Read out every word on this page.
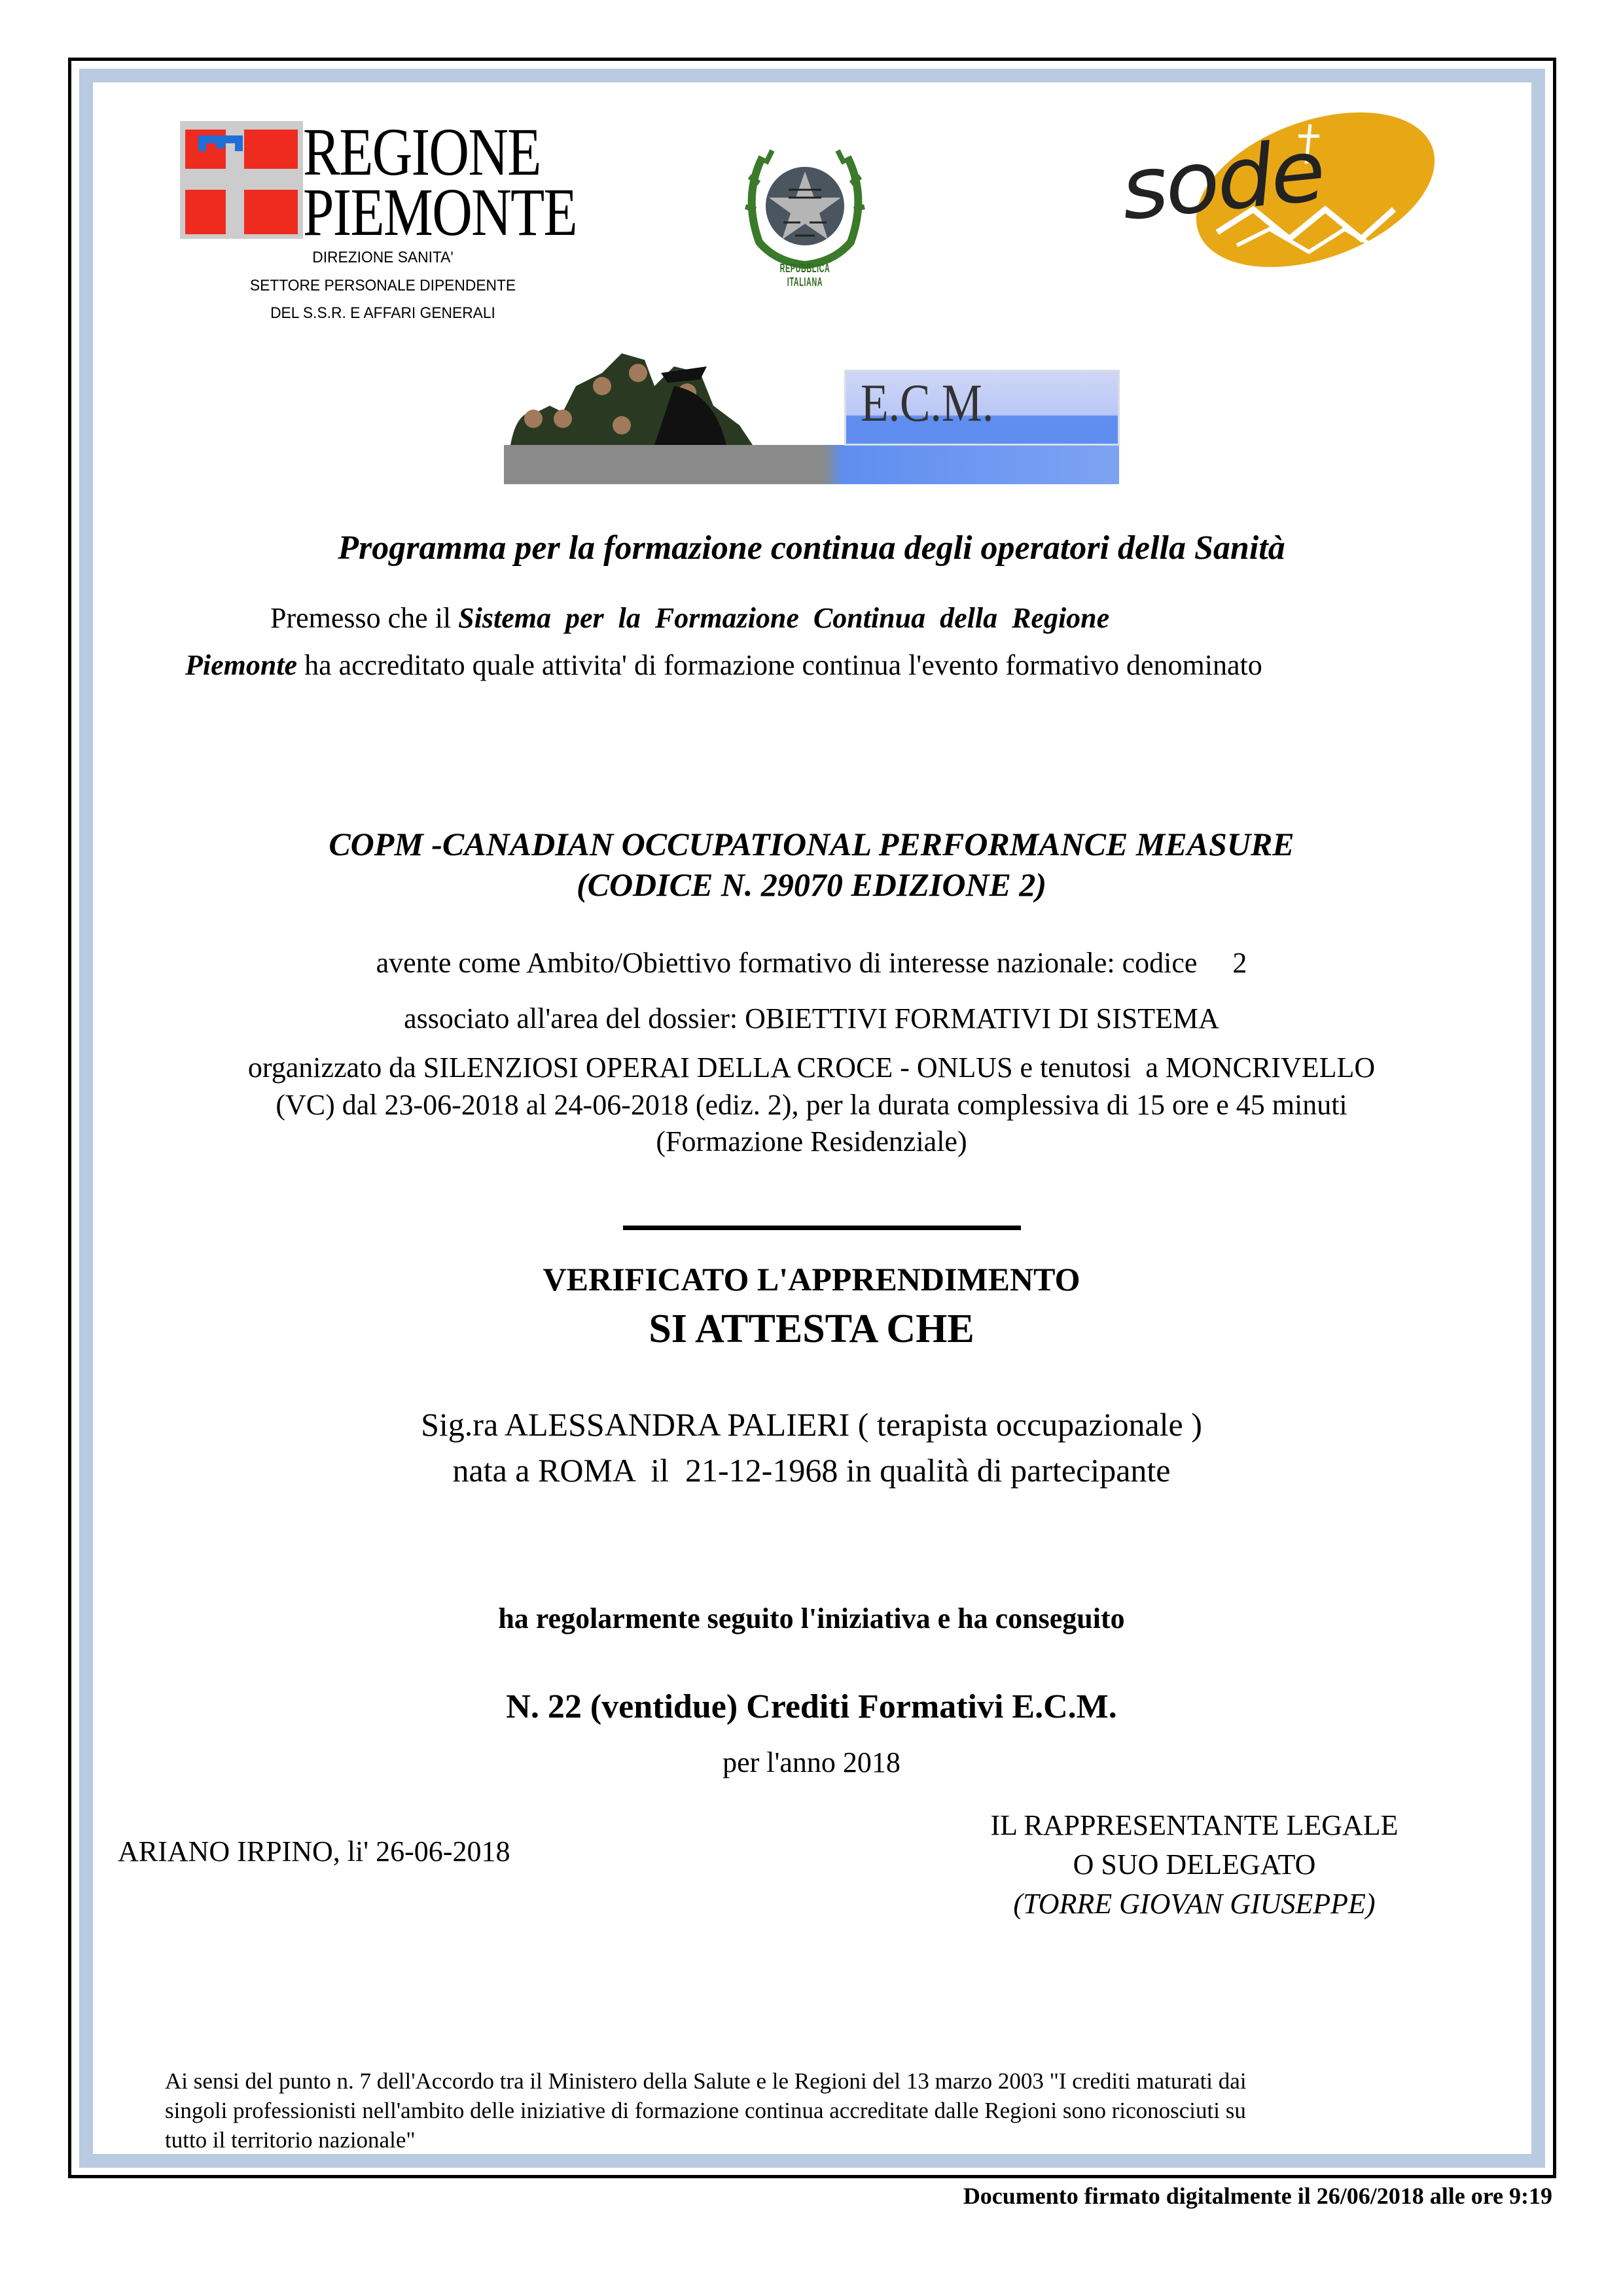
REGIONE
PIEMONTE
DIREZIONE SANITA'
SETTORE PERSONALE DIPENDENTE
DEL S.S.R. E AFFARI GENERALI
REPUBBLICA ITALIANA
sode
E.C.M.
Programma per la formazione continua degli operatori della Sanità
Premesso che il Sistema  per  la  Formazione  Continua  della  Regione
Piemonte ha accreditato quale attivita' di formazione continua l'evento formativo denominato
COPM -CANADIAN OCCUPATIONAL PERFORMANCE MEASURE
(CODICE N. 29070 EDIZIONE 2)
avente come Ambito/Obiettivo formativo di interesse nazionale: codice 2
associato all'area del dossier: OBIETTIVI FORMATIVI DI SISTEMA
organizzato da SILENZIOSI OPERAI DELLA CROCE - ONLUS e tenutosi  a MONCRIVELLO
(VC) dal 23-06-2018 al 24-06-2018 (ediz. 2), per la durata complessiva di 15 ore e 45 minuti
(Formazione Residenziale)
VERIFICATO L'APPRENDIMENTO
SI ATTESTA CHE
Sig.ra ALESSANDRA PALIERI ( terapista occupazionale )
nata a ROMA  il  21-12-1968 in qualità di partecipante
ha regolarmente seguito l'iniziativa e ha conseguito
N. 22 (ventidue) Crediti Formativi E.C.M.
per l'anno 2018
ARIANO IRPINO, li' 26-06-2018
IL RAPPRESENTANTE LEGALE
O SUO DELEGATO
(TORRE GIOVAN GIUSEPPE)
Ai sensi del punto n. 7 dell'Accordo tra il Ministero della Salute e le Regioni del 13 marzo 2003 "I crediti maturati dai
singoli professionisti nell'ambito delle iniziative di formazione continua accreditate dalle Regioni sono riconosciuti su
tutto il territorio nazionale"
Documento firmato digitalmente il 26/06/2018 alle ore 9:19
